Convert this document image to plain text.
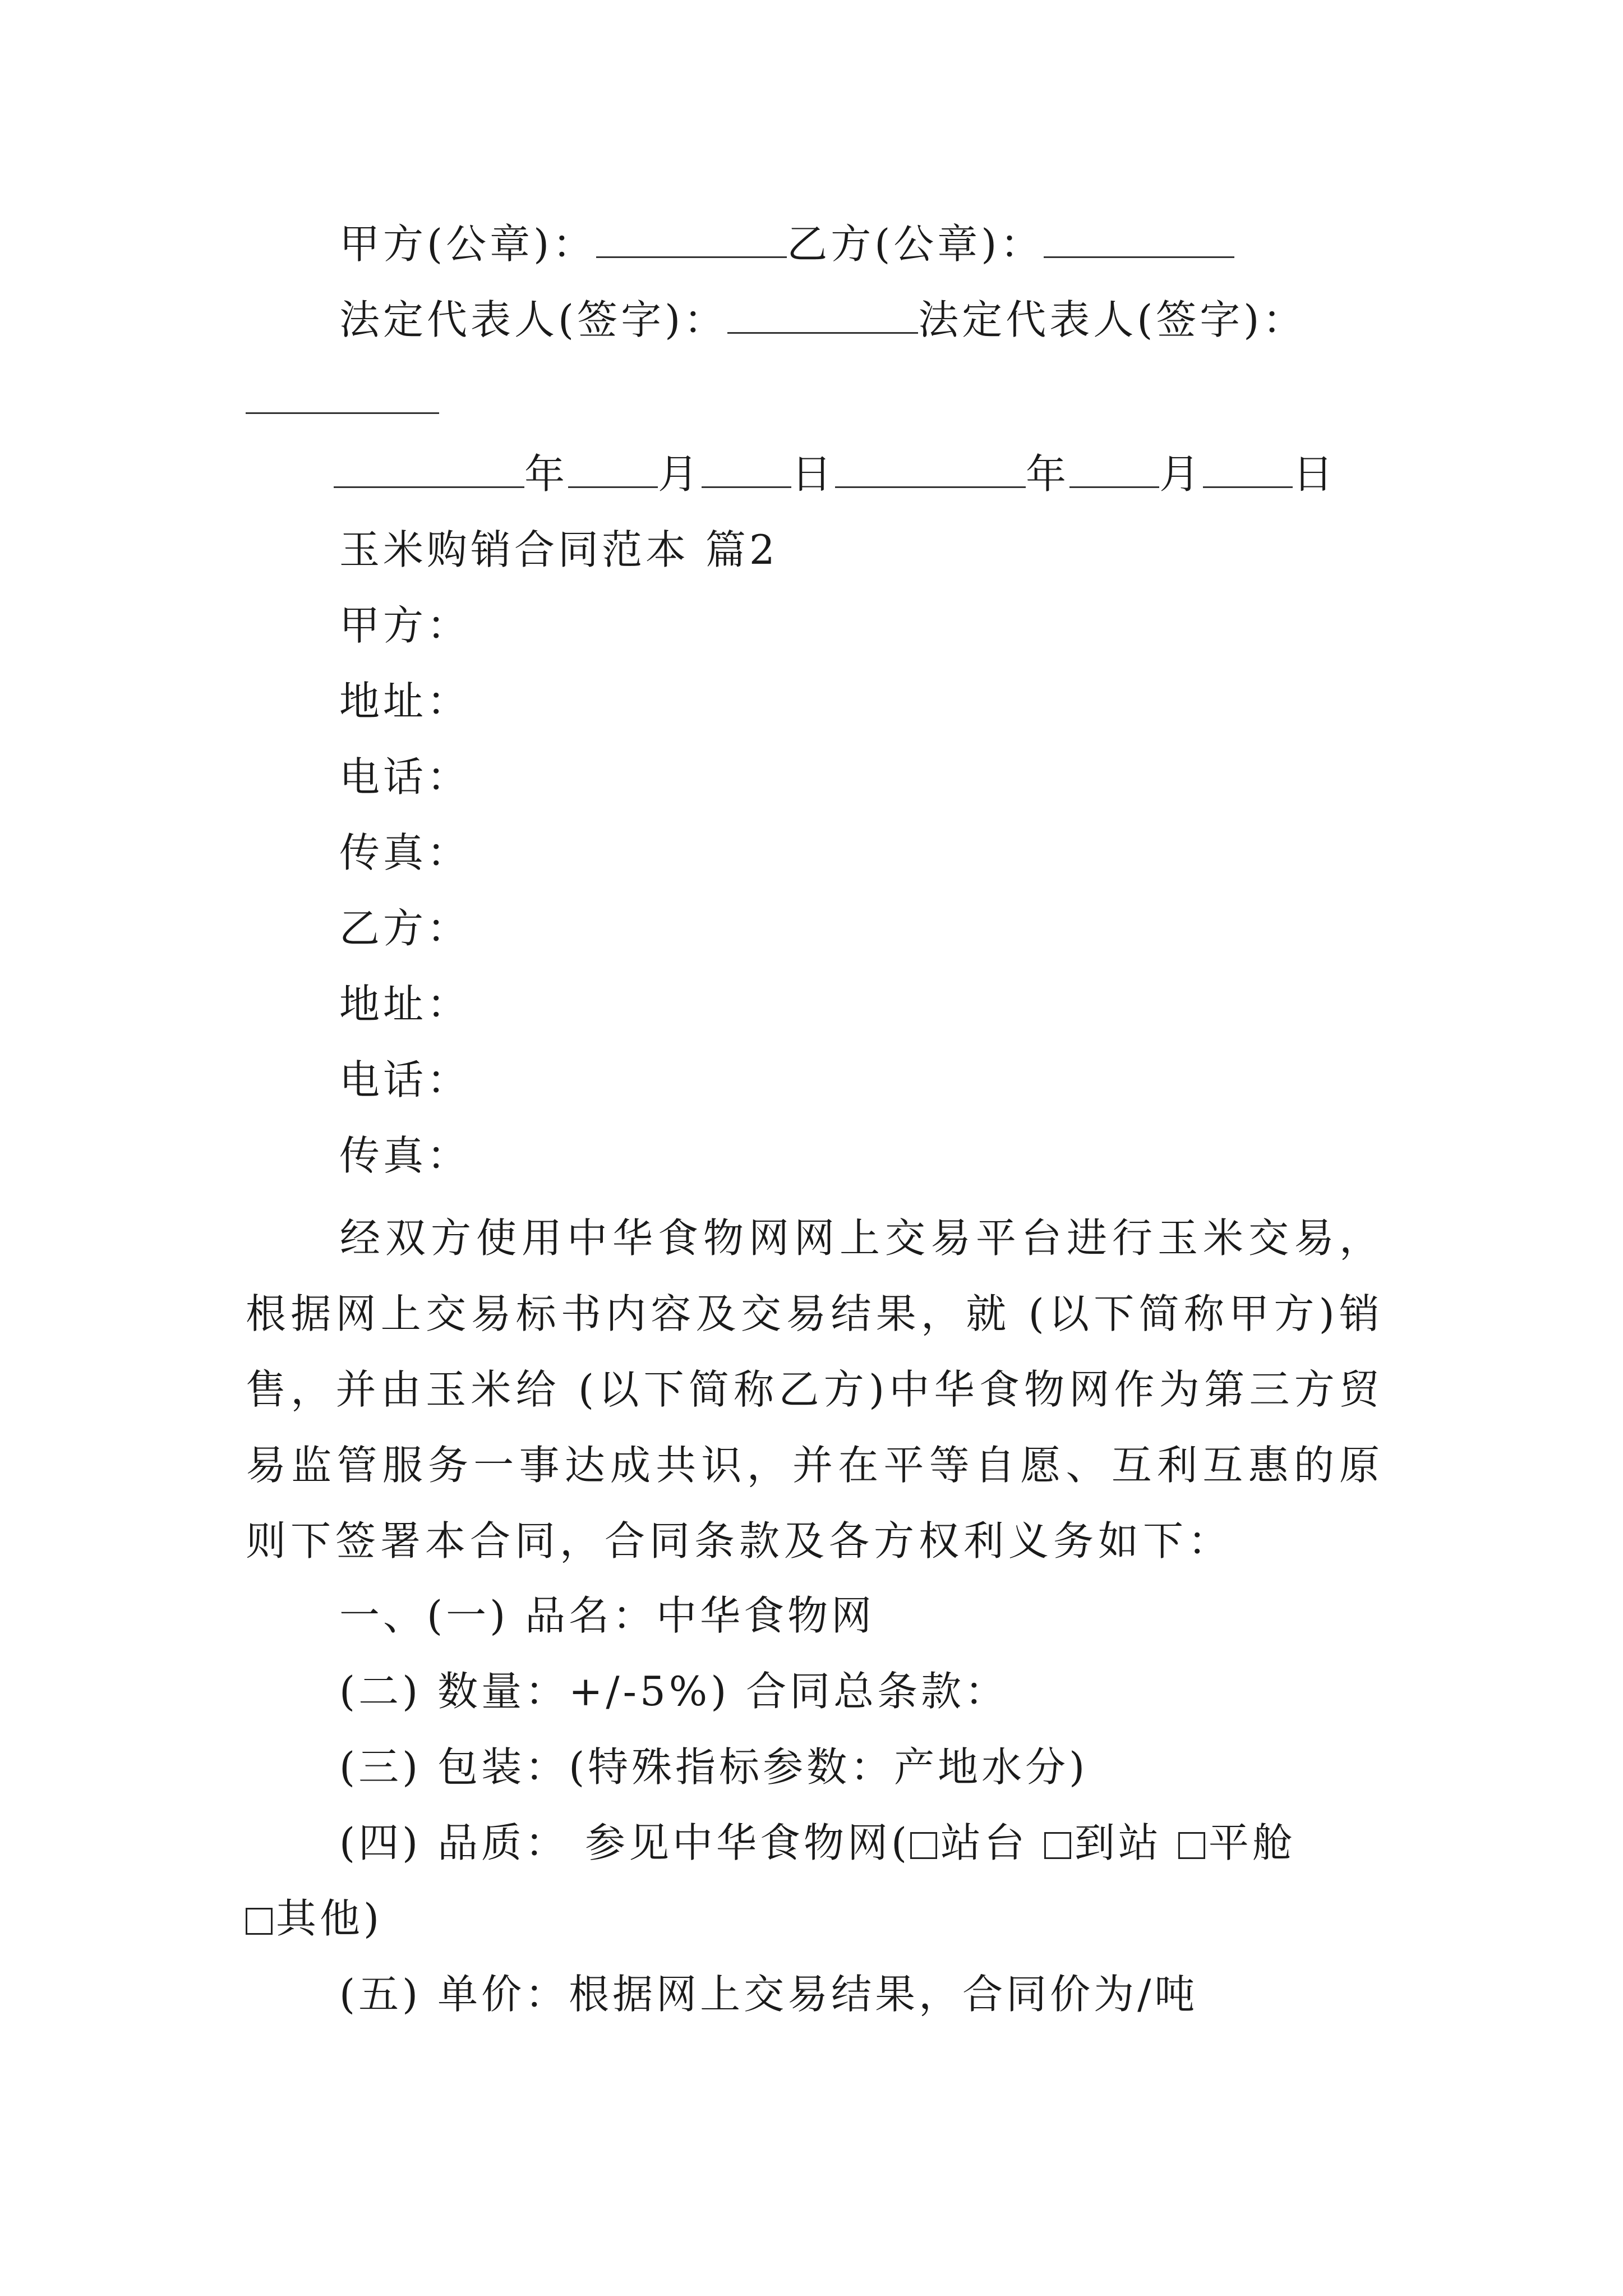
甲方(公章)：	乙方(公章)：
法定代表人(签字)：	法定代表人(签字)：
年 月 日	年 月 日
玉米购销合同范本 篇2
甲方：
地址：
电话：
传真：
乙方：
地址：
电话：
传真：
经双方使用中华食物网网上交易平台进行玉米交易，根据网上交易标书内容及交易结果，就 (以下简称甲方)销售，并由玉米给 (以下简称乙方)中华食物网作为第三方贸易监管服务一事达成共识，并在平等自愿、互利互惠的原则下签署本合同，合同条款及各方权利义务如下：
一、(一) 品名：中华食物网
(二) 数量：+/-5%) 合同总条款：
(三) 包装：(特殊指标参数：产地水分)
(四) 品质： 参见中华食物网( 站台 到站 平舱
其他)
(五) 单价：根据网上交易结果，合同价为/吨
